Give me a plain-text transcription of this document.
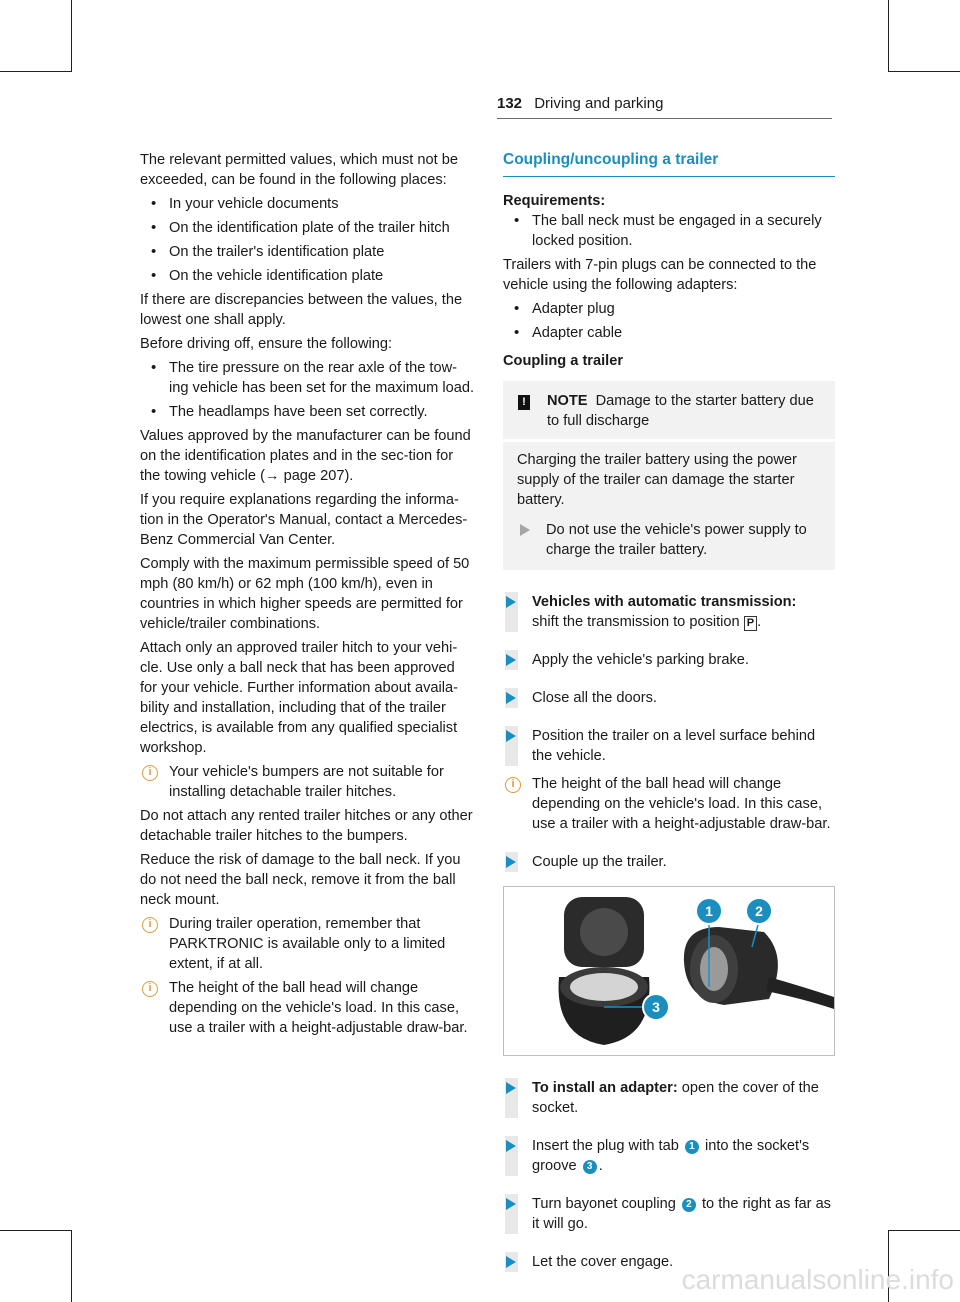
132 Driving and parking

The relevant permitted values, which must not be exceeded, can be found in the following places:

• In your vehicle documents
• On the identification plate of the trailer hitch
• On the trailer's identification plate
• On the vehicle identification plate

If there are discrepancies between the values, the lowest one shall apply.

Before driving off, ensure the following:

• The tire pressure on the rear axle of the tow-ing vehicle has been set for the maximum load.
• The headlamps have been set correctly.

Values approved by the manufacturer can be found on the identification plates and in the sec-tion for the towing vehicle (→ page 207).

If you require explanations regarding the informa-tion in the Operator's Manual, contact a Mercedes-Benz Commercial Van Center.

Comply with the maximum permissible speed of 50 mph (80 km/h) or 62 mph (100 km/h), even in countries in which higher speeds are permitted for vehicle/trailer combinations.

Attach only an approved trailer hitch to your vehi-cle. Use only a ball neck that has been approved for your vehicle. Further information about availa-bility and installation, including that of the trailer electrics, is available from any qualified specialist workshop.

i	Your vehicle's bumpers are not suitable for installing detachable trailer hitches.

Do not attach any rented trailer hitches or any other detachable trailer hitches to the bumpers.

Reduce the risk of damage to the ball neck. If you do not need the ball neck, remove it from the ball neck mount.

i	During trailer operation, remember that PARKTRONIC is available only to a limited extent, if at all.
i	The height of the ball head will change depending on the vehicle's load. In this case, use a trailer with a height-adjustable draw-bar.
Coupling/uncoupling a trailer
Requirements:
• The ball neck must be engaged in a securely locked position.

Trailers with 7-pin plugs can be connected to the vehicle using the following adapters:

• Adapter plug
• Adapter cable
Coupling a trailer
! NOTE Damage to the starter battery due to full discharge
Charging the trailer battery using the power supply of the trailer can damage the starter battery.
Do not use the vehicle's power supply to charge the trailer battery.
Vehicles with automatic transmission:
shift the transmission to position P .
Apply the vehicle's parking brake.
Close all the doors.
Position the trailer on a level surface behind the vehicle.
i	The height of the ball head will change depending on the vehicle's load. In this case, use a trailer with a height-adjustable draw-bar.
Couple up the trailer.
1	2
3
To install an adapter: open the cover of the socket.
Insert the plug with tab 1 into the socket's groove 3 .
Turn bayonet coupling 2 to the right as far as it will go.
Let the cover engage.
carmanualsonline.info
